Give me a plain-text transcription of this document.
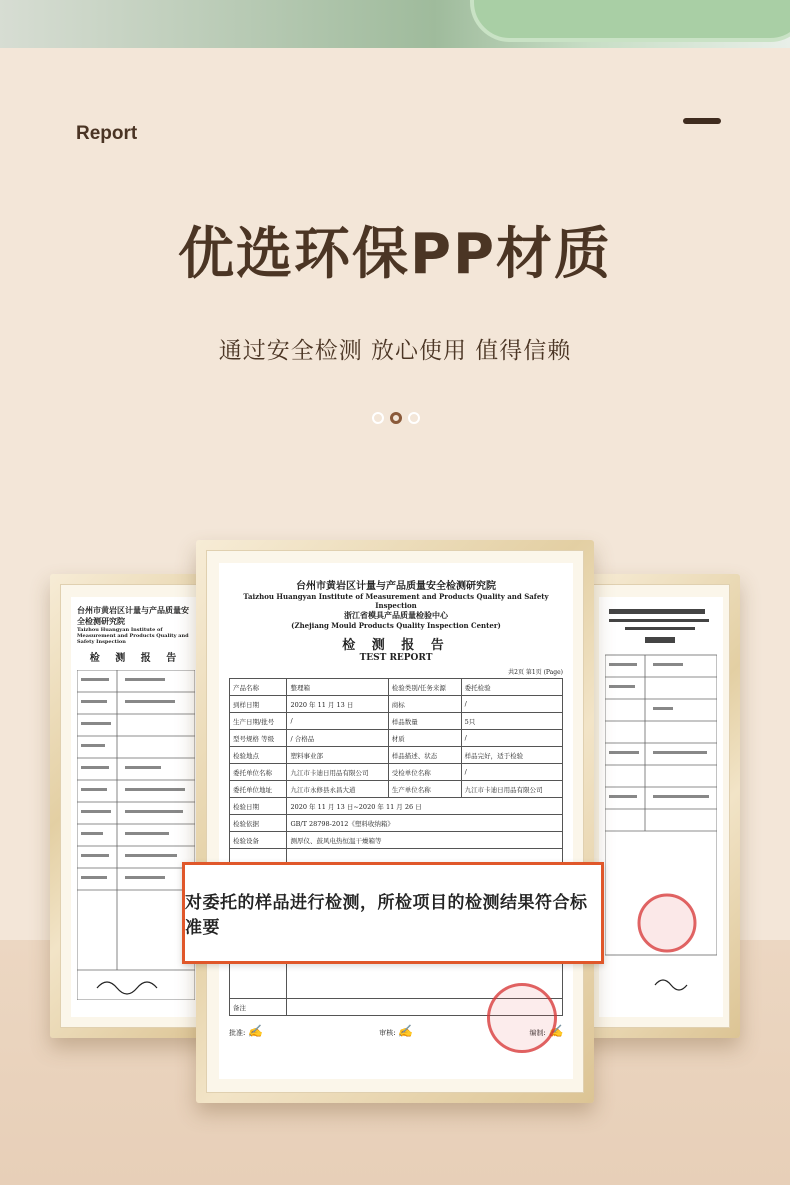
Report
优选环保PP材质
通过安全检测 放心使用 值得信赖
台州市黄岩区计量与产品质量安全检测研究院
Taizhou Huangyan Institute of Measurement and Products Quality and Safety Inspection
检 测 报 告
台州市黄岩区计量与产品质量安全检测研究院
Taizhou Huangyan Institute of Measurement and Products Quality and Safety Inspection
浙江省模具产品质量检验中心
(Zhejiang Mould Products Quality Inspection Center)
检 测 报 告
TEST REPORT
共2页 第1页 (Page)
产品名称	整理箱	检验类别/任务来源	委托检验
到样日期	2020 年 11 月 13 日	商标	/
生产日期/批号	/	样品数量	5只
型号规格 等级	/ 合格品	材质	/
检验地点	塑料事业部	样品描述、状态	样品完好，适于检验
委托单位名称	九江市卡迪日用品有限公司	受检单位名称	/
委托单位地址	九江市永修县永昌大道	生产单位名称	九江市卡迪日用品有限公司
检验日期	2020 年 11 月 13 日~2020 年 11 月 26 日		
检验依据	GB/T 28798-2012《塑料收纳箱》		
检验设备	测厚仪、鼓风电热恒温干燥箱等		

备注			
批准: ✍	审核: ✍	编制: ✍
对委托的样品进行检测，所检项目的检测结果符合标准要
